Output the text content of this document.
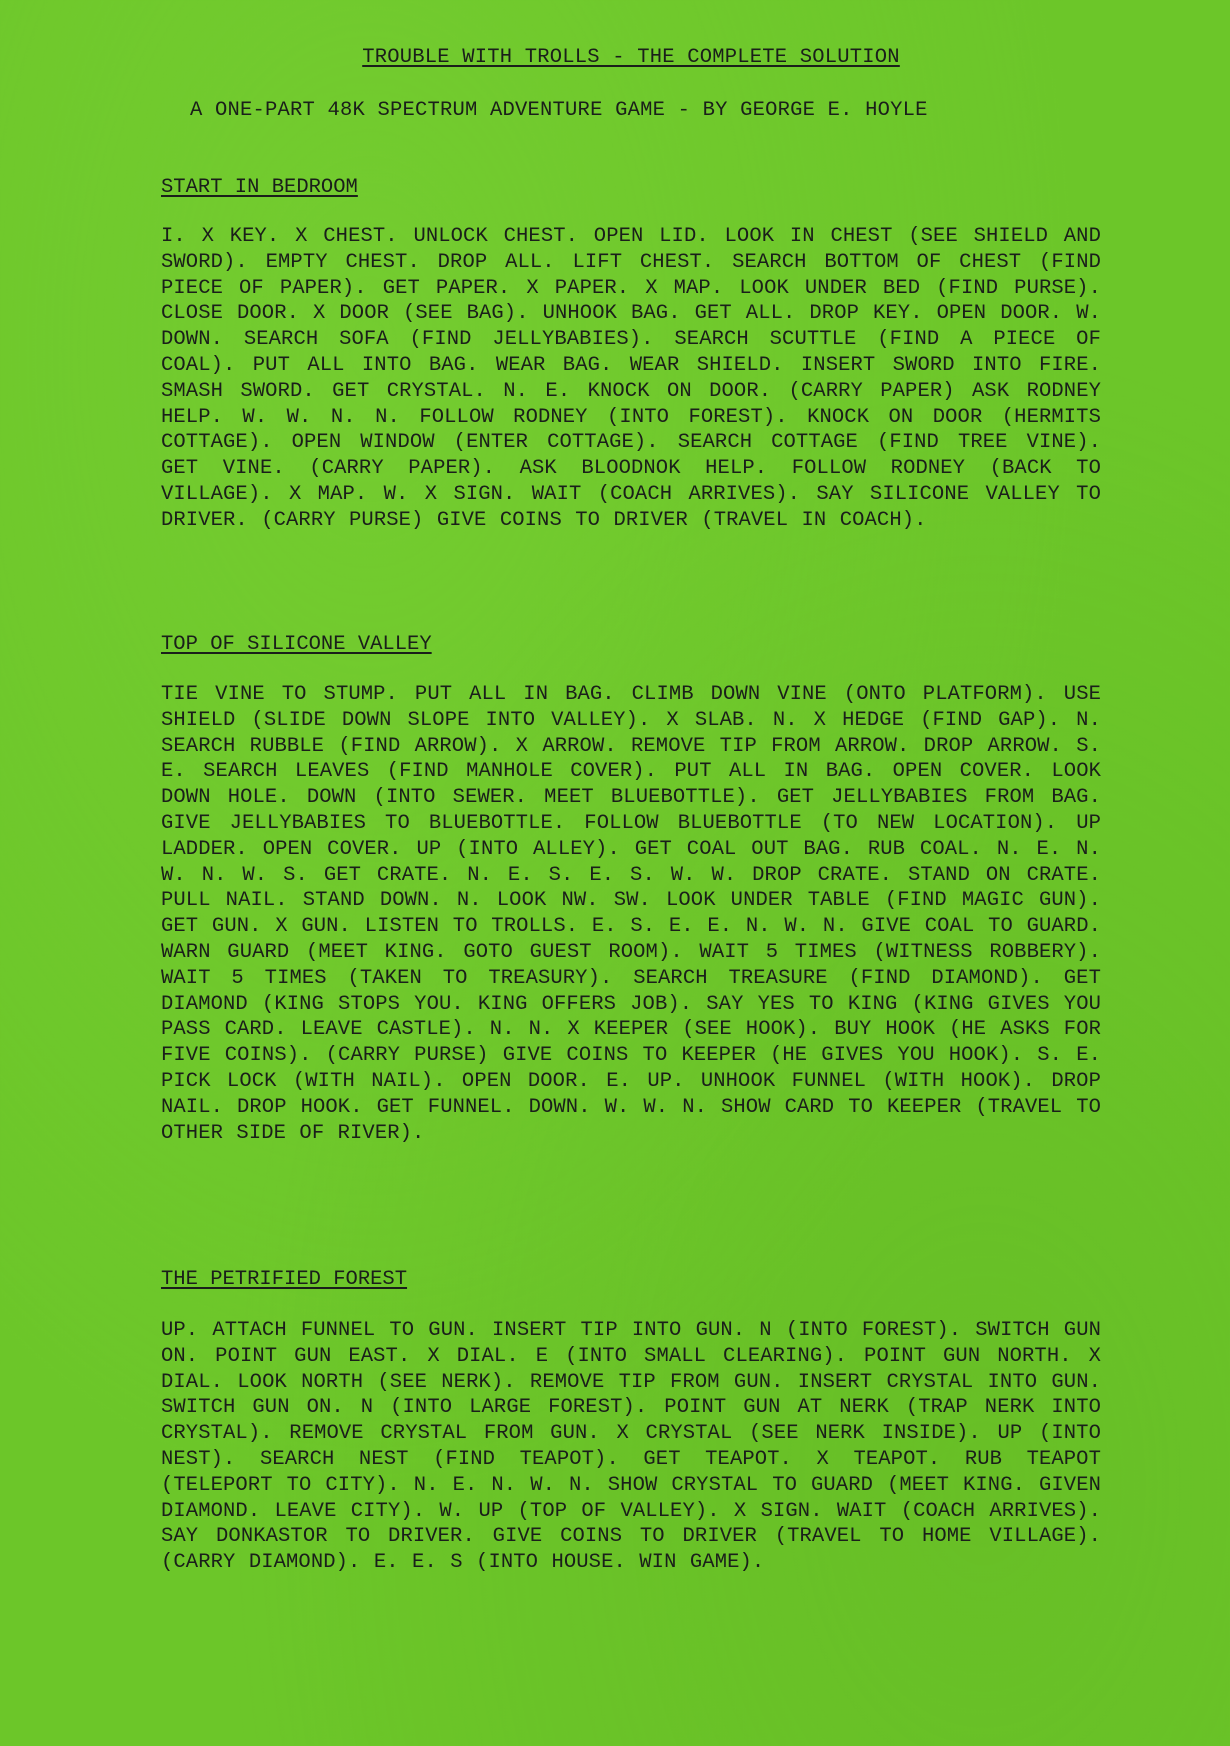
TROUBLE WITH TROLLS - THE COMPLETE SOLUTION
A ONE-PART 48K SPECTRUM ADVENTURE GAME - BY GEORGE E. HOYLE
START IN BEDROOM
I. X KEY. X CHEST. UNLOCK CHEST. OPEN LID. LOOK IN CHEST (SEE SHIELD AND SWORD). EMPTY CHEST. DROP ALL. LIFT CHEST. SEARCH BOTTOM OF CHEST (FIND PIECE OF PAPER). GET PAPER. X PAPER. X MAP. LOOK UNDER BED (FIND PURSE). CLOSE DOOR. X DOOR (SEE BAG). UNHOOK BAG. GET ALL. DROP KEY. OPEN DOOR. W. DOWN. SEARCH SOFA (FIND JELLYBABIES). SEARCH SCUTTLE (FIND A PIECE OF COAL). PUT ALL INTO BAG. WEAR BAG. WEAR SHIELD. INSERT SWORD INTO FIRE. SMASH SWORD. GET CRYSTAL. N. E. KNOCK ON DOOR. (CARRY PAPER) ASK RODNEY HELP. W. W. N. N. FOLLOW RODNEY (INTO FOREST). KNOCK ON DOOR (HERMITS COTTAGE). OPEN WINDOW (ENTER COTTAGE). SEARCH COTTAGE (FIND TREE VINE). GET VINE. (CARRY PAPER). ASK BLOODNOK HELP. FOLLOW RODNEY (BACK TO VILLAGE). X MAP. W. X SIGN. WAIT (COACH ARRIVES). SAY SILICONE VALLEY TO DRIVER. (CARRY PURSE) GIVE COINS TO DRIVER (TRAVEL IN COACH).
TOP OF SILICONE VALLEY
TIE VINE TO STUMP. PUT ALL IN BAG. CLIMB DOWN VINE (ONTO PLATFORM). USE SHIELD (SLIDE DOWN SLOPE INTO VALLEY). X SLAB. N. X HEDGE (FIND GAP). N. SEARCH RUBBLE (FIND ARROW). X ARROW. REMOVE TIP FROM ARROW. DROP ARROW. S. E. SEARCH LEAVES (FIND MANHOLE COVER). PUT ALL IN BAG. OPEN COVER. LOOK DOWN HOLE. DOWN (INTO SEWER. MEET BLUEBOTTLE). GET JELLYBABIES FROM BAG. GIVE JELLYBABIES TO BLUEBOTTLE. FOLLOW BLUEBOTTLE (TO NEW LOCATION). UP LADDER. OPEN COVER. UP (INTO ALLEY). GET COAL OUT BAG. RUB COAL. N. E. N. W. N. W. S. GET CRATE. N. E. S. E. S. W. W. DROP CRATE. STAND ON CRATE. PULL NAIL. STAND DOWN. N. LOOK NW. SW. LOOK UNDER TABLE (FIND MAGIC GUN). GET GUN. X GUN. LISTEN TO TROLLS. E. S. E. E. N. W. N. GIVE COAL TO GUARD. WARN GUARD (MEET KING. GOTO GUEST ROOM). WAIT 5 TIMES (WITNESS ROBBERY). WAIT 5 TIMES (TAKEN TO TREASURY). SEARCH TREASURE (FIND DIAMOND). GET DIAMOND (KING STOPS YOU. KING OFFERS JOB). SAY YES TO KING (KING GIVES YOU PASS CARD. LEAVE CASTLE). N. N. X KEEPER (SEE HOOK). BUY HOOK (HE ASKS FOR FIVE COINS). (CARRY PURSE) GIVE COINS TO KEEPER (HE GIVES YOU HOOK). S. E. PICK LOCK (WITH NAIL). OPEN DOOR. E. UP. UNHOOK FUNNEL (WITH HOOK). DROP NAIL. DROP HOOK. GET FUNNEL. DOWN. W. W. N. SHOW CARD TO KEEPER (TRAVEL TO OTHER SIDE OF RIVER).
THE PETRIFIED FOREST
UP. ATTACH FUNNEL TO GUN. INSERT TIP INTO GUN. N (INTO FOREST). SWITCH GUN ON. POINT GUN EAST. X DIAL. E (INTO SMALL CLEARING). POINT GUN NORTH. X DIAL. LOOK NORTH (SEE NERK). REMOVE TIP FROM GUN. INSERT CRYSTAL INTO GUN. SWITCH GUN ON. N (INTO LARGE FOREST). POINT GUN AT NERK (TRAP NERK INTO CRYSTAL). REMOVE CRYSTAL FROM GUN. X CRYSTAL (SEE NERK INSIDE). UP (INTO NEST). SEARCH NEST (FIND TEAPOT). GET TEAPOT. X TEAPOT. RUB TEAPOT (TELEPORT TO CITY). N. E. N. W. N. SHOW CRYSTAL TO GUARD (MEET KING. GIVEN DIAMOND. LEAVE CITY). W. UP (TOP OF VALLEY). X SIGN. WAIT (COACH ARRIVES). SAY DONKASTOR TO DRIVER. GIVE COINS TO DRIVER (TRAVEL TO HOME VILLAGE). (CARRY DIAMOND). E. E. S (INTO HOUSE. WIN GAME).
